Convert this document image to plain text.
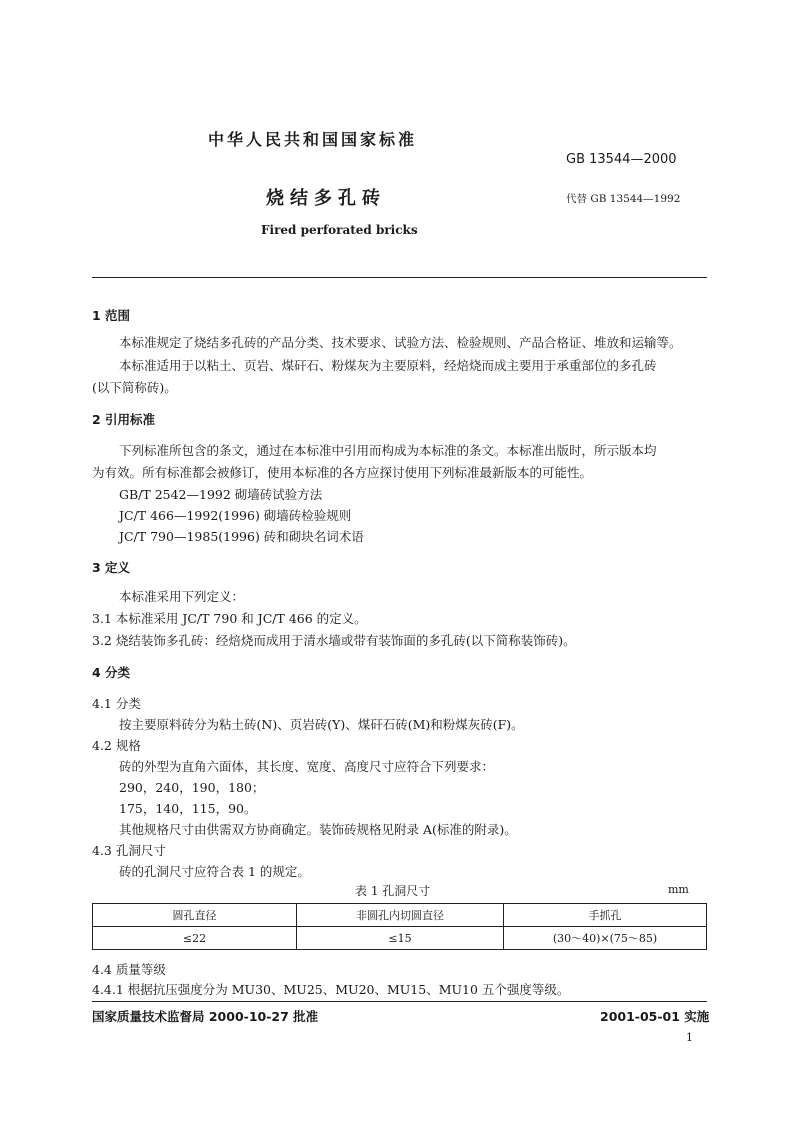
中华人民共和国国家标准
GB 13544—2000
烧结多孔砖	代替 GB 13544—1992
Fired perforated bricks
1 范围
本标准规定了烧结多孔砖的产品分类、技术要求、试验方法、检验规则、产品合格证、堆放和运输等。
本标准适用于以粘土、页岩、煤矸石、粉煤灰为主要原料，经焙烧而成主要用于承重部位的多孔砖
(以下简称砖)。
2 引用标准
下列标准所包含的条文，通过在本标准中引用而构成为本标准的条文。本标准出版时，所示版本均
为有效。所有标准都会被修订，使用本标准的各方应探讨使用下列标准最新版本的可能性。
GB/T 2542—1992 砌墙砖试验方法
JC/T 466—1992(1996) 砌墙砖检验规则
JC/T 790—1985(1996) 砖和砌块名词术语
3 定义
本标准采用下列定义：
3.1 本标准采用 JC/T 790 和 JC/T 466 的定义。
3.2 烧结装饰多孔砖：经焙烧而成用于清水墙或带有装饰面的多孔砖(以下简称装饰砖)。
4 分类
4.1 分类
按主要原料砖分为粘土砖(N)、页岩砖(Y)、煤矸石砖(M)和粉煤灰砖(F)。
4.2 规格
砖的外型为直角六面体，其长度、宽度、高度尺寸应符合下列要求：
290，240，190，180；
175，140，115，90。
其他规格尺寸由供需双方协商确定。装饰砖规格见附录 A(标准的附录)。
4.3 孔洞尺寸
砖的孔洞尺寸应符合表 1 的规定。
表 1 孔洞尺寸	mm
圆孔直径	非圆孔内切圆直径	手抓孔
≤22	≤15	(30～40)×(75～85)
4.4 质量等级
4.4.1 根据抗压强度分为 MU30、MU25、MU20、MU15、MU10 五个强度等级。
国家质量技术监督局 2000-10-27 批准	2001-05-01 实施
1
